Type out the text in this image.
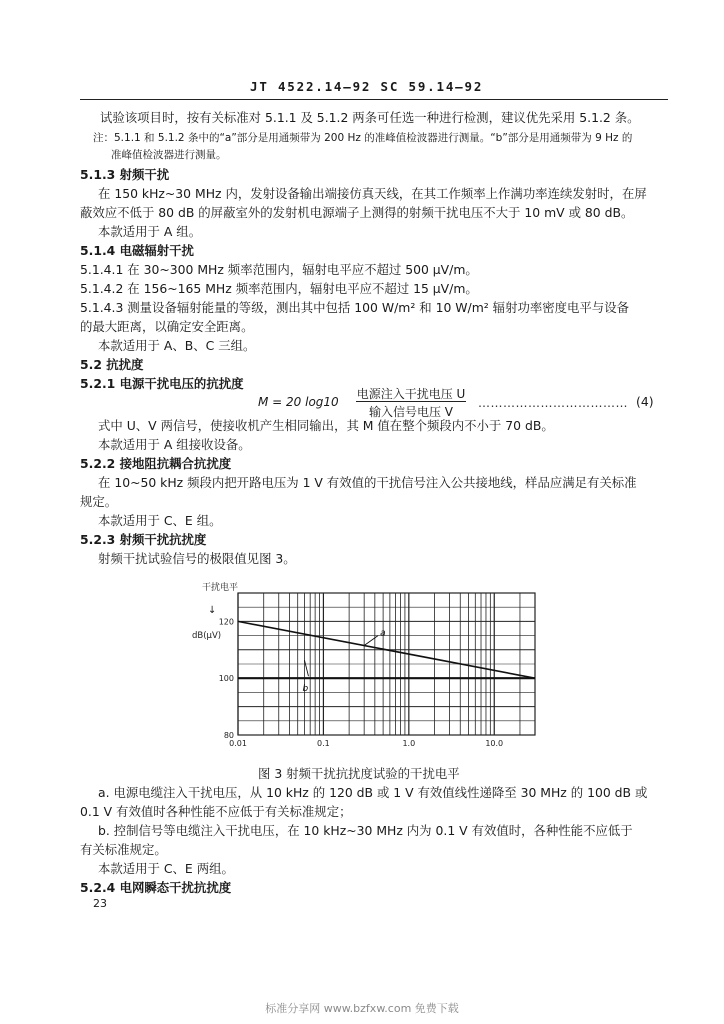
JT 4522.14—92 SC 59.14—92
试验该项目时，按有关标准对 5.1.1 及 5.1.2 两条可任选一种进行检测，建议优先采用 5.1.2 条。
注：5.1.1 和 5.1.2 条中的“a”部分是用通频带为 200 Hz 的准峰值检波器进行测量。“b”部分是用通频带为 9 Hz 的
准峰值检波器进行测量。
5.1.3 射频干扰
在 150 kHz~30 MHz 内，发射设备输出端接仿真天线，在其工作频率上作满功率连续发射时，在屏
蔽效应不低于 80 dB 的屏蔽室外的发射机电源端子上测得的射频干扰电压不大于 10 mV 或 80 dB。
本款适用于 A 组。
5.1.4 电磁辐射干扰
5.1.4.1 在 30~300 MHz 频率范围内，辐射电平应不超过 500 μV/m。
5.1.4.2 在 156~165 MHz 频率范围内，辐射电平应不超过 15 μV/m。
5.1.4.3 测量设备辐射能量的等级，测出其中包括 100 W/m² 和 10 W/m² 辐射功率密度电平与设备
的最大距离，以确定安全距离。
本款适用于 A、B、C 三组。
5.2 抗扰度
5.2.1 电源干扰电压的抗扰度
M = 20 log10
电源注入干扰电压 U
输入信号电压 V
……………………………… (4)
式中 U、V 两信号，使接收机产生相同输出，其 M 值在整个频段内不小于 70 dB。
本款适用于 A 组接收设备。
5.2.2 接地阻抗耦合抗扰度
在 10~50 kHz 频段内把开路电压为 1 V 有效值的干扰信号注入公共接地线，样品应满足有关标准
规定。
本款适用于 C、E 组。
5.2.3 射频干扰抗扰度
射频干扰试验信号的极限值见图 3。
干扰电平
↓
dB(μV)
0.01	0.1	1.0	10.0
80
100
120
a
b
图 3 射频干扰抗扰度试验的干扰电平
a. 电源电缆注入干扰电压，从 10 kHz 的 120 dB 或 1 V 有效值线性递降至 30 MHz 的 100 dB 或
0.1 V 有效值时各种性能不应低于有关标准规定；
b. 控制信号等电缆注入干扰电压，在 10 kHz~30 MHz 内为 0.1 V 有效值时，各种性能不应低于
有关标准规定。
本款适用于 C、E 两组。
5.2.4 电网瞬态干扰抗扰度
23
标准分享网 www.bzfxw.com 免费下载
